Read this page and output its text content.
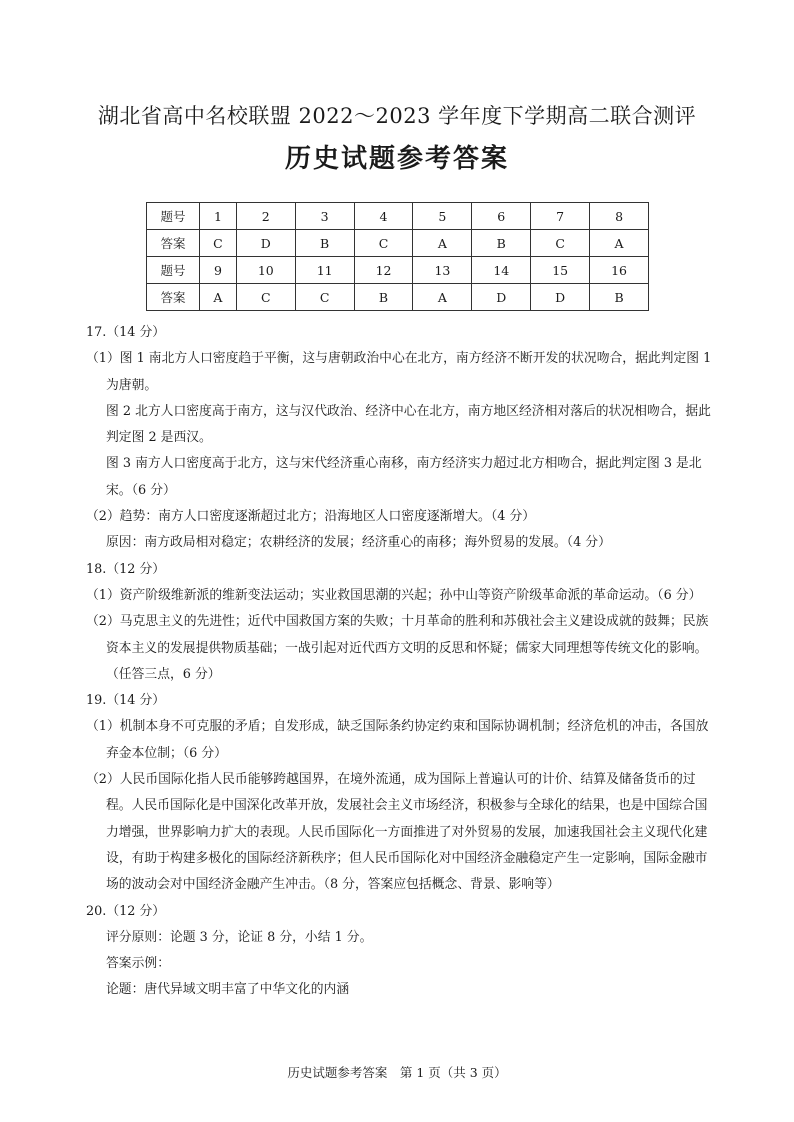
湖北省高中名校联盟 2022～2023 学年度下学期高二联合测评
历史试题参考答案
题号	1	2	3	4	5	6	7	8
答案	C	D	B	C	A	B	C	A
题号	9	10	11	12	13	14	15	16
答案	A	C	C	B	A	D	D	B

17.（14 分）

（1）图 1 南北方人口密度趋于平衡，这与唐朝政治中心在北方，南方经济不断开发的状况吻合，据此判定图 1 为唐朝。

图 2 北方人口密度高于南方，这与汉代政治、经济中心在北方，南方地区经济相对落后的状况相吻合，据此判定图 2 是西汉。

图 3 南方人口密度高于北方，这与宋代经济重心南移，南方经济实力超过北方相吻合，据此判定图 3 是北宋。（6 分）

（2）趋势：南方人口密度逐渐超过北方；沿海地区人口密度逐渐增大。（4 分）

原因：南方政局相对稳定；农耕经济的发展；经济重心的南移；海外贸易的发展。（4 分）

18.（12 分）

（1）资产阶级维新派的维新变法运动；实业救国思潮的兴起；孙中山等资产阶级革命派的革命运动。（6 分）

（2）马克思主义的先进性；近代中国救国方案的失败；十月革命的胜利和苏俄社会主义建设成就的鼓舞；民族资本主义的发展提供物质基础；一战引起对近代西方文明的反思和怀疑；儒家大同理想等传统文化的影响。（任答三点，6 分）

19.（14 分）

（1）机制本身不可克服的矛盾；自发形成，缺乏国际条约协定约束和国际协调机制；经济危机的冲击，各国放弃金本位制；（6 分）

（2）人民币国际化指人民币能够跨越国界，在境外流通，成为国际上普遍认可的计价、结算及储备货币的过程。人民币国际化是中国深化改革开放，发展社会主义市场经济，积极参与全球化的结果，也是中国综合国力增强，世界影响力扩大的表现。人民币国际化一方面推进了对外贸易的发展，加速我国社会主义现代化建设，有助于构建多极化的国际经济新秩序；但人民币国际化对中国经济金融稳定产生一定影响，国际金融市场的波动会对中国经济金融产生冲击。（8 分，答案应包括概念、背景、影响等）

20.（12 分）

评分原则：论题 3 分，论证 8 分，小结 1 分。

答案示例：

论题：唐代异域文明丰富了中华文化的内涵

历史试题参考答案　第 1 页（共 3 页）
